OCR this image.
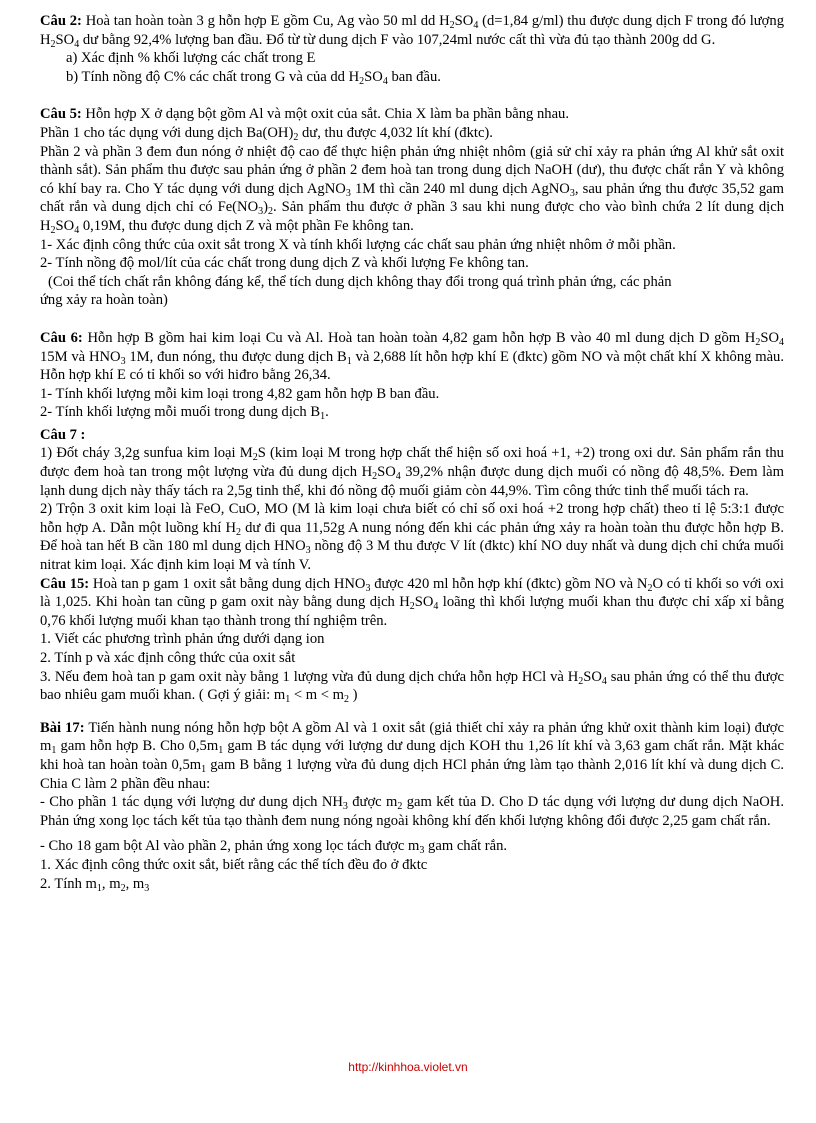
Câu 2: Hoà tan hoàn toàn 3 g hỗn hợp E gồm Cu, Ag vào 50 ml dd $H_2SO_4$ (d=1,84 g/ml) thu được dung dịch F trong đó lượng $H_2SO_4$ dư bằng 92,4% lượng ban đầu. Đổ từ từ dung dịch F vào 107,24ml nước cất thì vừa đủ tạo thành 200g dd G.

a) Xác định % khối lượng các chất trong E

b) Tính nồng độ C% các chất trong G và của dd $H_2SO_4$ ban đầu.

Câu 5: Hỗn hợp X ở dạng bột gồm Al và một oxit của sắt. Chia X làm ba phần bằng nhau.

Phần 1 cho tác dụng với dung dịch $Ba(OH)_2$ dư, thu được 4,032 lít khí (đktc).

Phần 2 và phần 3 đem đun nóng ở nhiệt độ cao để thực hiện phản ứng nhiệt nhôm (giả sử chỉ xảy ra phản ứng Al khử sắt oxit thành sắt). Sản phẩm thu được sau phản ứng ở phần 2 đem hoà tan trong dung dịch NaOH (dư), thu được chất rắn Y và không có khí bay ra. Cho Y tác dụng với dung dịch AgNO$_3$ 1M thì cần 240 ml dung dịch AgNO$_3$, sau phản ứng thu được 35,52 gam chất rắn và dung dịch chỉ có $Fe(NO_3)_2$. Sản phẩm thu được ở phần 3 sau khi nung được cho vào bình chứa 2 lít dung dịch $H_2SO_4$ 0,19M, thu được dung dịch Z và một phần Fe không tan.

1- Xác định công thức của oxit sắt trong X và tính khối lượng các chất sau phản ứng nhiệt nhôm ở mỗi phần.

2- Tính nồng độ mol/lít của các chất trong dung dịch Z và khối lượng Fe không tan.

(Coi thể tích chất rắn không đáng kể, thể tích dung dịch không thay đổi trong quá trình phản ứng, các phản

ứng xảy ra hoàn toàn)

Câu 6: Hỗn hợp B gồm hai kim loại Cu và Al. Hoà tan hoàn toàn 4,82 gam hỗn hợp B vào 40 ml dung dịch D gồm $H_2SO_4$ 15M và $HNO_3$ 1M, đun nóng, thu được dung dịch $B_1$ và 2,688 lít hỗn hợp khí E (đktc) gồm NO và một chất khí X không màu. Hỗn hợp khí E có tỉ khối so với hiđro bằng 26,34.

1- Tính khối lượng mỗi kim loại trong 4,82 gam hỗn hợp B ban đầu.

2- Tính khối lượng mỗi muối trong dung dịch $B_1$.

Câu 7 :

1) Đốt cháy 3,2g sunfua kim loại $M_2S$ (kim loại M trong hợp chất thể hiện số oxi hoá +1, +2) trong oxi dư. Sản phẩm rắn thu được đem hoà tan trong một lượng vừa đủ dung dịch $H_2SO_4$ 39,2% nhận được dung dịch muối có nồng độ 48,5%. Đem làm lạnh dung dịch này thấy tách ra 2,5g tinh thể, khi đó nồng độ muối giảm còn 44,9%. Tìm công thức tinh thể muối tách ra.

2) Trộn 3 oxit kim loại là FeO, CuO, MO (M là kim loại chưa biết có chỉ số oxi hoá +2 trong hợp chất) theo tỉ lệ 5:3:1 được hỗn hợp A. Dẫn một luồng khí $H_2$ dư đi qua 11,52g A nung nóng đến khi các phản ứng xảy ra hoàn toàn thu được hỗn hợp B. Để hoà tan hết B cần 180 ml dung dịch $HNO_3$ nồng độ 3 M thu được V lít (đktc) khí NO duy nhất và dung dịch chỉ chứa muối nitrat kim loại. Xác định kim loại M và tính V.

Câu 15: Hoà tan p gam 1 oxit sắt bằng dung dịch $HNO_3$ được 420 ml hỗn hợp khí (đktc) gồm NO và $N_2O$ có tỉ khối so với oxi là 1,025. Khi hoàn tan cũng p gam oxit này bằng dung dịch $H_2SO_4$ loãng thì khối lượng muối khan thu được chỉ xấp xỉ bằng 0,76 khối lượng muối khan tạo thành trong thí nghiệm trên.

1. Viết các phương trình phản ứng dưới dạng ion

2. Tính p và xác định công thức của oxit sắt

3. Nếu đem hoà tan p gam oxit này bằng 1 lượng vừa đủ dung dịch chứa hỗn hợp HCl và $H_2SO_4$ sau phản ứng có thể thu được bao nhiêu gam muối khan. ( Gợi ý giải: $m_1 < m < m_2$ )

Bài 17: Tiến hành nung nóng hỗn hợp bột A gồm Al và 1 oxit sắt (giả thiết chỉ xảy ra phản ứng khử oxit thành kim loại) được $m_1$ gam hỗn hợp B. Cho $0,5m_1$ gam B tác dụng với lượng dư dung dịch KOH thu 1,26 lít khí và 3,63 gam chất rắn. Mặt khác khi hoà tan hoàn toàn $0,5m_1$ gam B bằng 1 lượng vừa đủ dung dịch HCl phản ứng làm tạo thành 2,016 lít khí và dung dịch C. Chia C làm 2 phần đều nhau:

- Cho phần 1 tác dụng với lượng dư dung dịch $NH_3$ được $m_2$ gam kết tủa D. Cho D tác dụng với lượng dư dung dịch NaOH. Phản ứng xong lọc tách kết tủa tạo thành đem nung nóng ngoài không khí đến khối lượng không đổi được 2,25 gam chất rắn.

- Cho 18 gam bột Al vào phần 2, phản ứng xong lọc tách được $m_3$ gam chất rắn.

1. Xác định công thức oxit sắt, biết rằng các thể tích đều đo ở đktc

2. Tính $m_1$, $m_2$, $m_3$

http://kinhhoa.violet.vn
